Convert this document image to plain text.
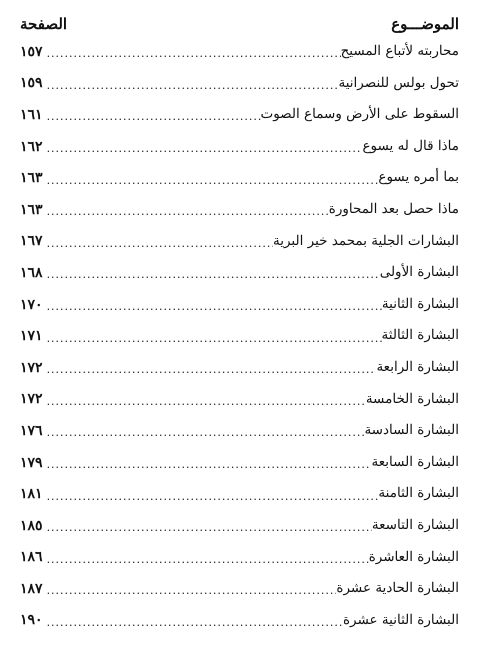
الموضـــوع
الصفحة
محاربته لأتباع المسيح
.....
١٥٧
تحول بولس للنصرانية
.....
١٥٩
السقوط على الأرض وسماع الصوت
.....
١٦١
ماذا قال له يسوع
.....
١٦٢
بما أمره يسوع
.....
١٦٣
ماذا حصل بعد المحاورة
.....
١٦٣
البشارات الجلية بمحمد خير البرية
.....
١٦٧
البشارة الأولى
.....
١٦٨
البشارة الثانية
.....
١٧٠
البشارة الثالثة
.....
١٧١
البشارة الرابعة
.....
١٧٢
البشارة الخامسة
.....
١٧٢
البشارة السادسة
.....
١٧٦
البشارة السابعة
.....
١٧٩
البشارة الثامنة
.....
١٨١
البشارة التاسعة
.....
١٨٥
البشارة العاشرة
.....
١٨٦
البشارة الحادية عشرة
.....
١٨٧
البشارة الثانية عشرة
.....
١٩٠
